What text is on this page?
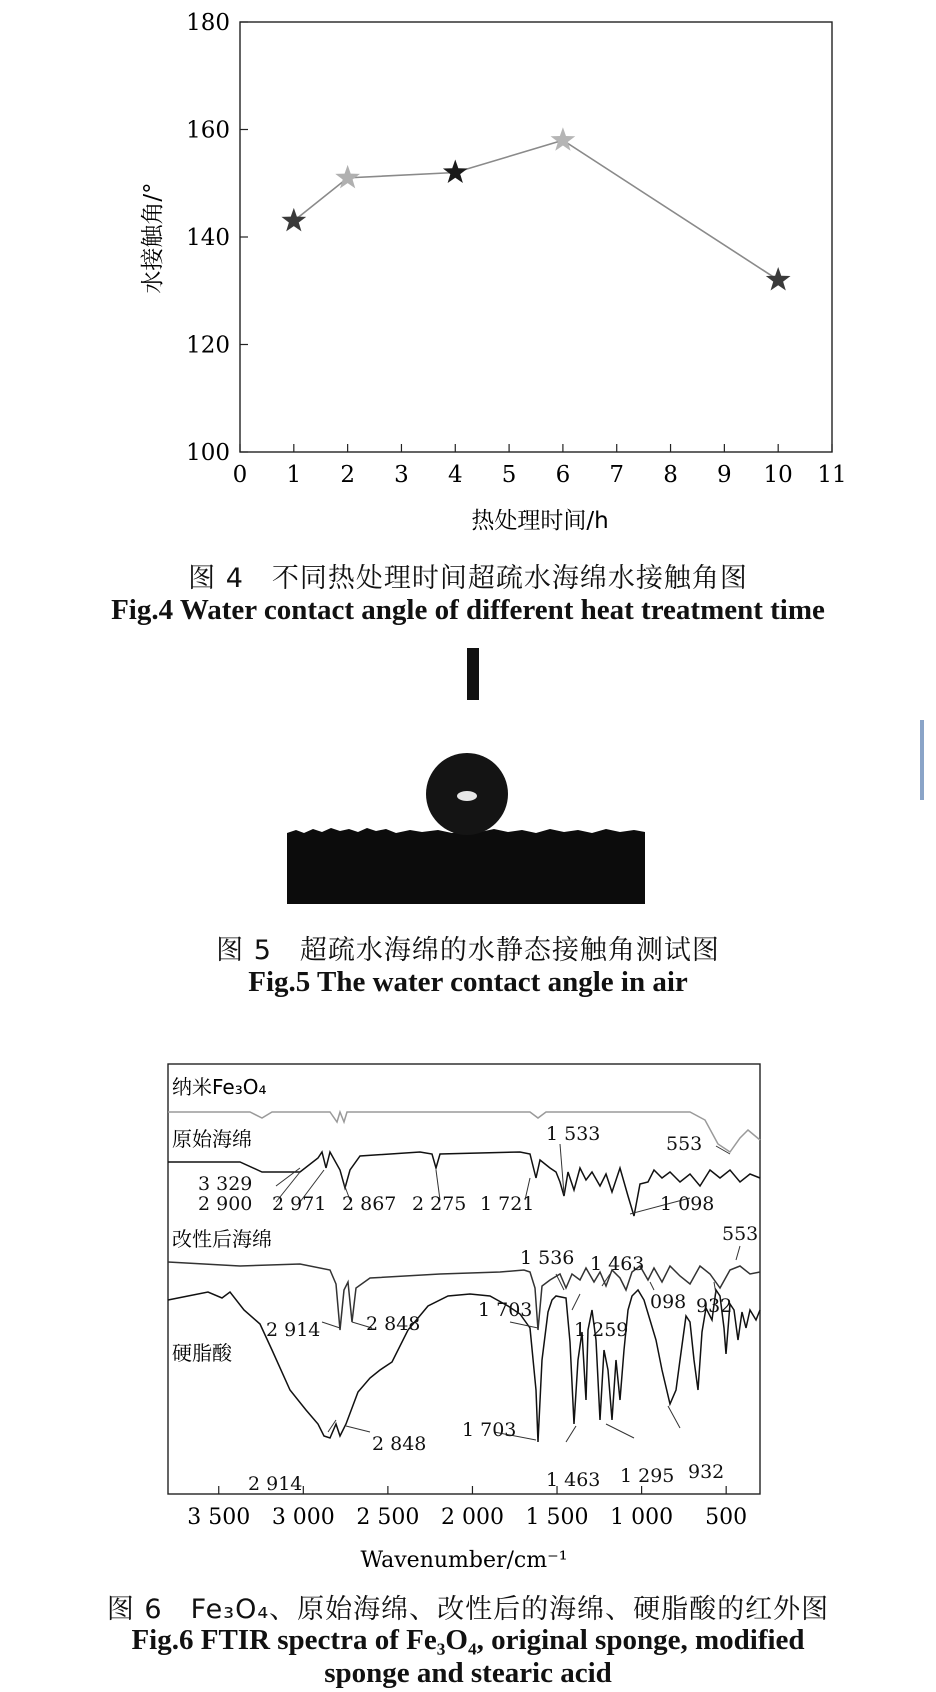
100
120
140
160
180
0 1 2 3 4 5 6 7 8 9 10 11
水接触角/°
热处理时间/h
图 4　不同热处理时间超疏水海绵水接触角图
Fig.4 Water contact angle of different heat treatment time
图 5　超疏水海绵的水静态接触角测试图
Fig.5 The water contact angle in air
纳米Fe₃O₄
原始海绵
改性后海绵
硬脂酸
3 329
2 900 2 971 2 867 2 275 1 721
1 533	553
1 098
1 536 1 463
553
098 932
2 914 2 848
1 703
1 259
2 914
2 848
1 703
1 463 1 295 932
3 500 3 000 2 500 2 000 1 500 1 000 500
Wavenumber/cm⁻¹
图 6　Fe₃O₄、原始海绵、改性后的海绵、硬脂酸的红外图
Fig.6 FTIR spectra of Fe₃O₄, original sponge, modified
sponge and stearic acid
